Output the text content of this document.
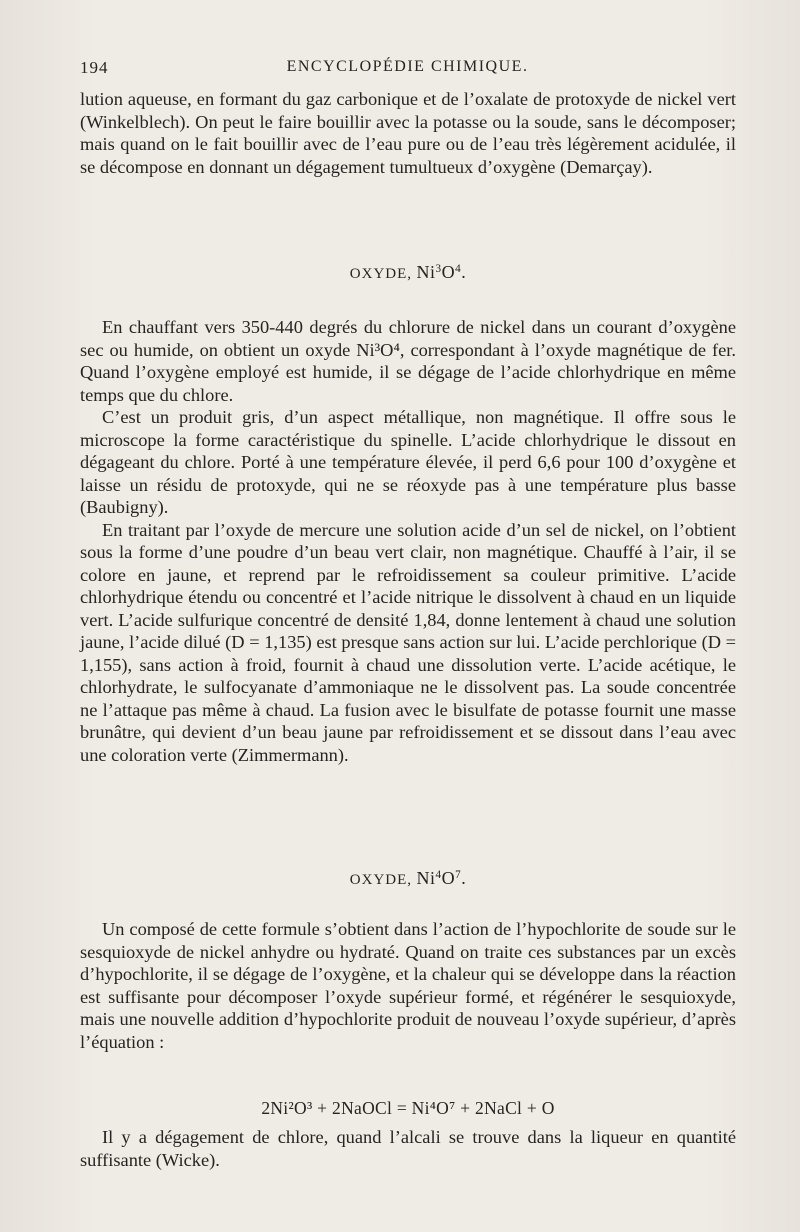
194	ENCYCLOPÉDIE CHIMIQUE.

lution aqueuse, en formant du gaz carbonique et de l’oxalate de protoxyde de nickel vert (Winkelblech). On peut le faire bouillir avec la potasse ou la soude, sans le décomposer; mais quand on le fait bouillir avec de l’eau pure ou de l’eau très légèrement acidulée, il se décompose en donnant un dégagement tumultueux d’oxygène (Demarçay).

OXYDE, $Ni^3O^4$.

En chauffant vers 350-440 degrés du chlorure de nickel dans un courant d’oxygène sec ou humide, on obtient un oxyde Ni³O⁴, correspondant à l’oxyde magnétique de fer. Quand l’oxygène employé est humide, il se dégage de l’acide chlorhydrique en même temps que du chlore.

C’est un produit gris, d’un aspect métallique, non magnétique. Il offre sous le microscope la forme caractéristique du spinelle. L’acide chlorhydrique le dissout en dégageant du chlore. Porté à une température élevée, il perd 6,6 pour 100 d’oxygène et laisse un résidu de protoxyde, qui ne se réoxyde pas à une température plus basse (Baubigny).

En traitant par l’oxyde de mercure une solution acide d’un sel de nickel, on l’obtient sous la forme d’une poudre d’un beau vert clair, non magnétique. Chauffé à l’air, il se colore en jaune, et reprend par le refroidissement sa couleur primitive. L’acide chlorhydrique étendu ou concentré et l’acide nitrique le dissolvent à chaud en un liquide vert. L’acide sulfurique concentré de densité 1,84, donne lentement à chaud une solution jaune, l’acide dilué (D = 1,135) est presque sans action sur lui. L’acide perchlorique (D = 1,155), sans action à froid, fournit à chaud une dissolution verte. L’acide acétique, le chlorhydrate, le sulfocyanate d’ammoniaque ne le dissolvent pas. La soude concentrée ne l’attaque pas même à chaud. La fusion avec le bisulfate de potasse fournit une masse brunâtre, qui devient d’un beau jaune par refroidissement et se dissout dans l’eau avec une coloration verte (Zimmermann).

OXYDE, $Ni^4O^7$.

Un composé de cette formule s’obtient dans l’action de l’hypochlorite de soude sur le sesquioxyde de nickel anhydre ou hydraté. Quand on traite ces substances par un excès d’hypochlorite, il se dégage de l’oxygène, et la chaleur qui se développe dans la réaction est suffisante pour décomposer l’oxyde supérieur formé, et régénérer le sesquioxyde, mais une nouvelle addition d’hypochlorite produit de nouveau l’oxyde supérieur, d’après l’équation :

2Ni²O³ + 2NaOCl = Ni⁴O⁷ + 2NaCl + O

Il y a dégagement de chlore, quand l’alcali se trouve dans la liqueur en quantité suffisante (Wicke).
